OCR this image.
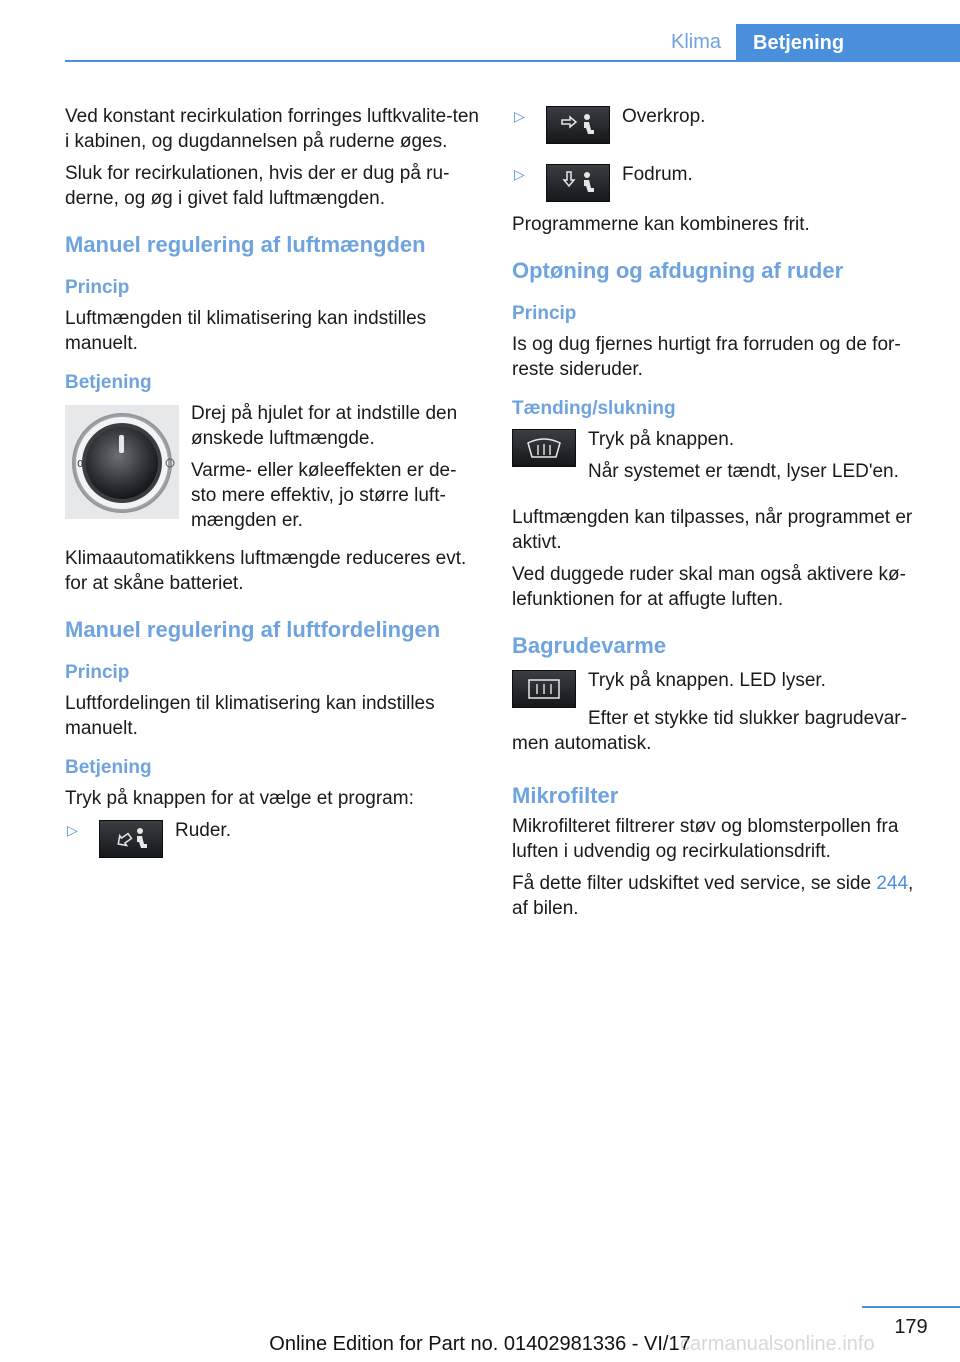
Klima	Betjening

Ved konstant recirkulation forringes luftkvalite‐ten i kabinen, og dugdannelsen på ruderne øges.

Sluk for recirkulationen, hvis der er dug på ru‐derne, og øg i givet fald luftmængden.

Manuel regulering af luftmængden
Princip

Luftmængden til klimatisering kan indstilles manuelt.

Betjening
0

Drej på hjulet for at indstille den ønskede luftmængde.

Varme- eller køleeffekten er de‐sto mere effektiv, jo større luft‐mængden er.

Klimaautomatikkens luftmængde reduceres evt. for at skåne batteriet.

Manuel regulering af luftfordelingen
Princip

Luftfordelingen til klimatisering kan indstilles manuelt.

Betjening

Tryk på knappen for at vælge et program:

▷	Ruder.
▷	Overkrop.
▷	Fodrum.

Programmerne kan kombineres frit.

Optøning og afdugning af ruder
Princip

Is og dug fjernes hurtigt fra forruden og de for‐reste sideruder.

Tænding/slukning

Tryk på knappen.

Når systemet er tændt, lyser LED'en.

Luftmængden kan tilpasses, når programmet er aktivt.

Ved duggede ruder skal man også aktivere kø‐lefunktionen for at affugte luften.

Bagrudevarme

Tryk på knappen. LED lyser.

Efter et stykke tid slukker bagrudevar‐men automatisk.

Mikrofilter

Mikrofilteret filtrerer støv og blomsterpollen fra luften i udvendig og recirkulationsdrift.

Få dette filter udskiftet ved service, se side 244, af bilen.

179
Online Edition for Part no. 01402981336 - VI/17
carmanualsonline.info
